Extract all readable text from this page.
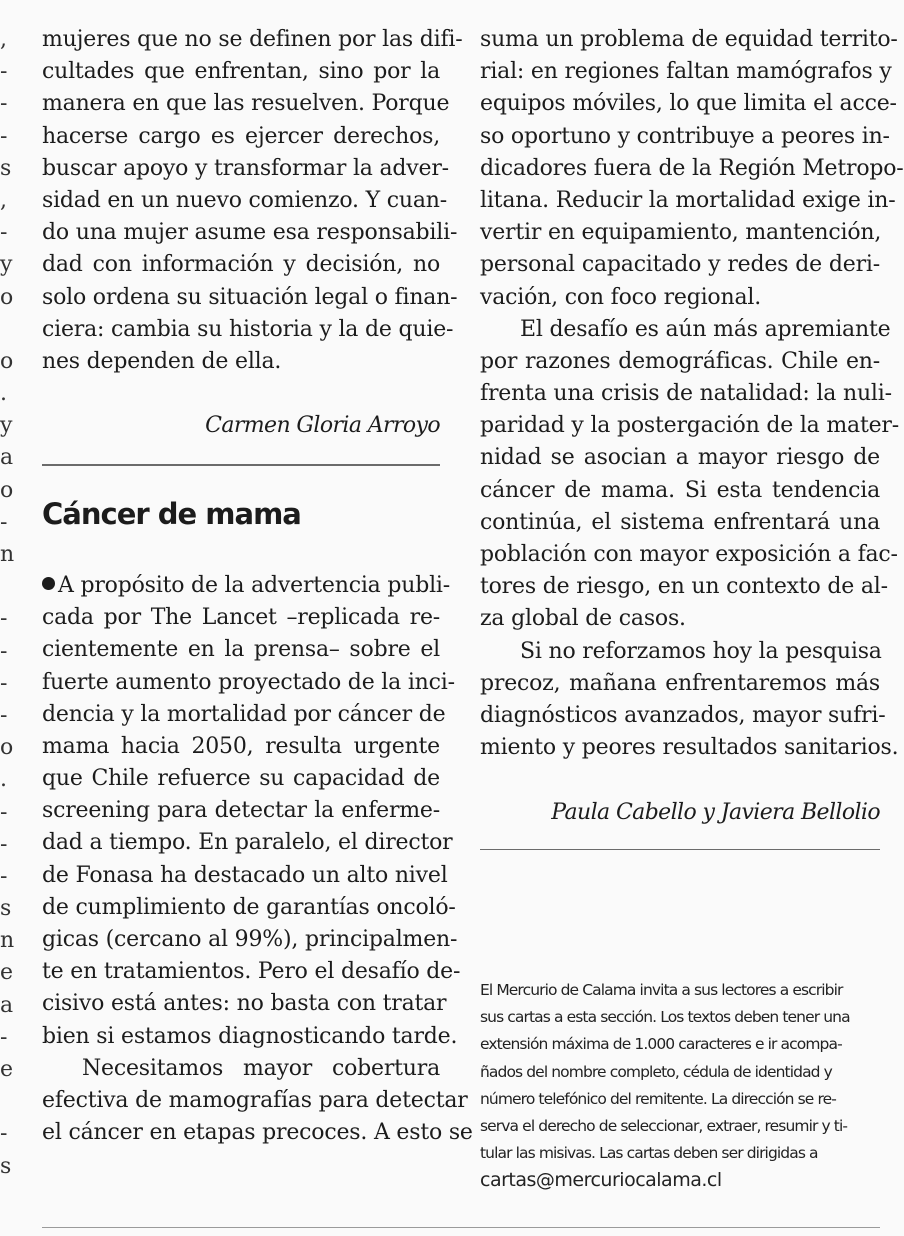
,
-
-
-
s
,
-
y
o
o
.
y
a
o
-
n
-
-
-
-
o
.
-
-
-
s
n
e
a
-
e
-
s
mujeres que no se definen por las difi-
cultades que enfrentan, sino por la
manera en que las resuelven. Porque
hacerse cargo es ejercer derechos,
buscar apoyo y transformar la adver-
sidad en un nuevo comienzo. Y cuan-
do una mujer asume esa responsabili-
dad con información y decisión, no
solo ordena su situación legal o finan-
ciera: cambia su historia y la de quie-
nes dependen de ella.
Carmen Gloria Arroyo
Cáncer de mama
A propósito de la advertencia publi-
cada por The Lancet –replicada re-
cientemente en la prensa– sobre el
fuerte aumento proyectado de la inci-
dencia y la mortalidad por cáncer de
mama hacia 2050, resulta urgente
que Chile refuerce su capacidad de
screening para detectar la enferme-
dad a tiempo. En paralelo, el director
de Fonasa ha destacado un alto nivel
de cumplimiento de garantías oncoló-
gicas (cercano al 99%), principalmen-
te en tratamientos. Pero el desafío de-
cisivo está antes: no basta con tratar
bien si estamos diagnosticando tarde.
Necesitamos mayor cobertura
efectiva de mamografías para detectar
el cáncer en etapas precoces. A esto se
suma un problema de equidad territo-
rial: en regiones faltan mamógrafos y
equipos móviles, lo que limita el acce-
so oportuno y contribuye a peores in-
dicadores fuera de la Región Metropo-
litana. Reducir la mortalidad exige in-
vertir en equipamiento, mantención,
personal capacitado y redes de deri-
vación, con foco regional.
El desafío es aún más apremiante
por razones demográficas. Chile en-
frenta una crisis de natalidad: la nuli-
paridad y la postergación de la mater-
nidad se asocian a mayor riesgo de
cáncer de mama. Si esta tendencia
continúa, el sistema enfrentará una
población con mayor exposición a fac-
tores de riesgo, en un contexto de al-
za global de casos.
Si no reforzamos hoy la pesquisa
precoz, mañana enfrentaremos más
diagnósticos avanzados, mayor sufri-
miento y peores resultados sanitarios.
Paula Cabello y Javiera Bellolio
El Mercurio de Calama invita a sus lectores a escribir
sus cartas a esta sección. Los textos deben tener una
extensión máxima de 1.000 caracteres e ir acompa-
ñados del nombre completo, cédula de identidad y
número telefónico del remitente. La dirección se re-
serva el derecho de seleccionar, extraer, resumir y ti-
tular las misivas. Las cartas deben ser dirigidas a
cartas@mercuriocalama.cl
